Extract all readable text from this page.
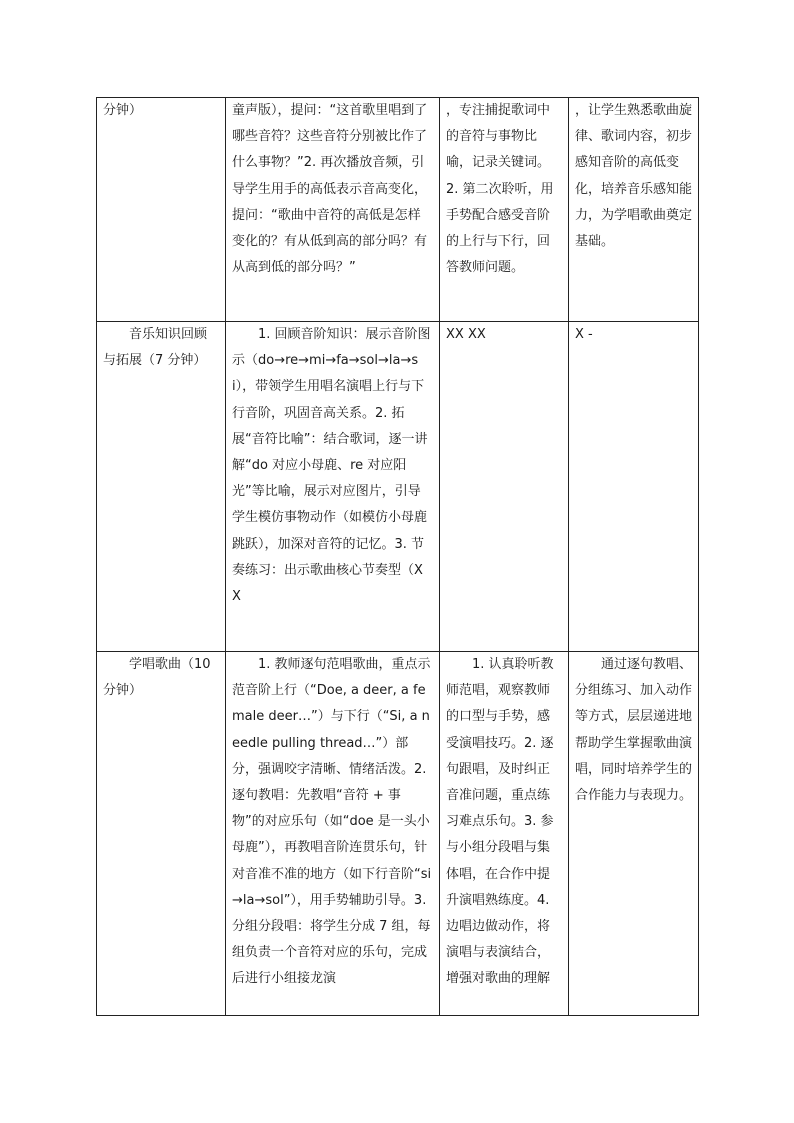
分钟）	童声版），提问：“这首歌里唱到了哪些音符？这些音符分别被比作了什么事物？”2. 再次播放音频，引导学生用手的高低表示音高变化，提问：“歌曲中音符的高低是怎样变化的？有从低到高的部分吗？有从高到低的部分吗？”	，专注捕捉歌词中的音符与事物比喻，记录关键词。2. 第二次聆听，用手势配合感受音阶的上行与下行，回答教师问题。	，让学生熟悉歌曲旋律、歌词内容，初步感知音阶的高低变化，培养音乐感知能力，为学唱歌曲奠定基础。
音乐知识回顾与拓展（7 分钟）	1. 回顾音阶知识：展示音阶图示（do→re→mi→fa→sol→la→si），带领学生用唱名演唱上行与下行音阶，巩固音高关系。2. 拓展“音符比喻”：结合歌词，逐一讲解“do 对应小母鹿、re 对应阳光”等比喻，展示对应图片，引导学生模仿事物动作（如模仿小母鹿跳跃），加深对音符的记忆。3. 节奏练习：出示歌曲核心节奏型（X X	XX XX	X -
学唱歌曲（10 分钟）	1. 教师逐句范唱歌曲，重点示范音阶上行（“Doe, a deer, a female deer…”）与下行（“Si, a needle pulling thread…”）部分，强调咬字清晰、情绪活泼。2. 逐句教唱：先教唱“音符 + 事物”的对应乐句（如“doe 是一头小母鹿”），再教唱音阶连贯乐句，针对音准不准的地方（如下行音阶“si→la→sol”），用手势辅助引导。3. 分组分段唱：将学生分成 7 组，每组负责一个音符对应的乐句，完成后进行小组接龙演	1. 认真聆听教师范唱，观察教师的口型与手势，感受演唱技巧。2. 逐句跟唱，及时纠正音准问题，重点练习难点乐句。3. 参与小组分段唱与集体唱，在合作中提升演唱熟练度。4. 边唱边做动作，将演唱与表演结合，增强对歌曲的理解	通过逐句教唱、分组练习、加入动作等方式，层层递进地帮助学生掌握歌曲演唱，同时培养学生的合作能力与表现力。
